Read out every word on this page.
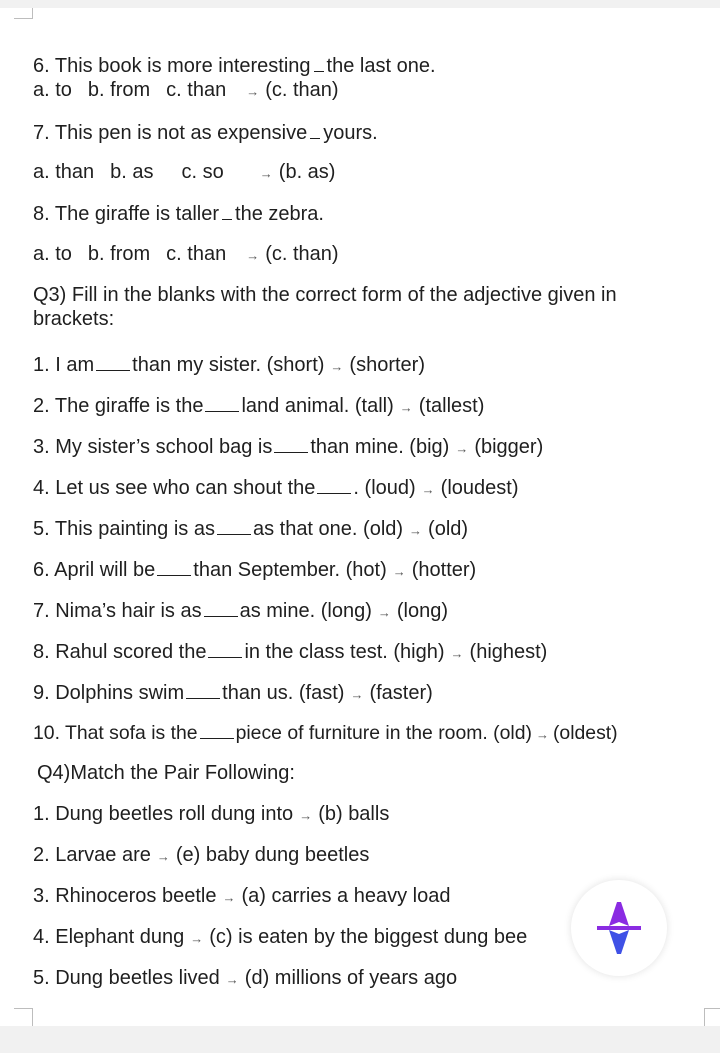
6. This book is more interesting the last one.
a. to b. from c. than → (c. than)
7. This pen is not as expensive yours.
a. than b. as c. so	→ (b. as)
8. The giraffe is taller the zebra.
a. to b. from c. than → (c. than)
Q3) Fill in the blanks with the correct form of the adjective given in brackets:
1. I am than my sister. (short) → (shorter)
2. The giraffe is the land animal. (tall) → (tallest)
3. My sister’s school bag is than mine. (big) → (bigger)
4. Let us see who can shout the . (loud) → (loudest)
5. This painting is as as that one. (old) → (old)
6. April will be than September. (hot) → (hotter)
7. Nima’s hair is as as mine. (long) → (long)
8. Rahul scored the in the class test. (high) → (highest)
9. Dolphins swim than us. (fast) → (faster)
10. That sofa is the piece of furniture in the room. (old) → (oldest)
Q4)Match the Pair Following:
1. Dung beetles roll dung into → (b) balls
2. Larvae are → (e) baby dung beetles
3. Rhinoceros beetle → (a) carries a heavy load
4. Elephant dung → (c) is eaten by the biggest dung bee
5. Dung beetles lived → (d) millions of years ago
